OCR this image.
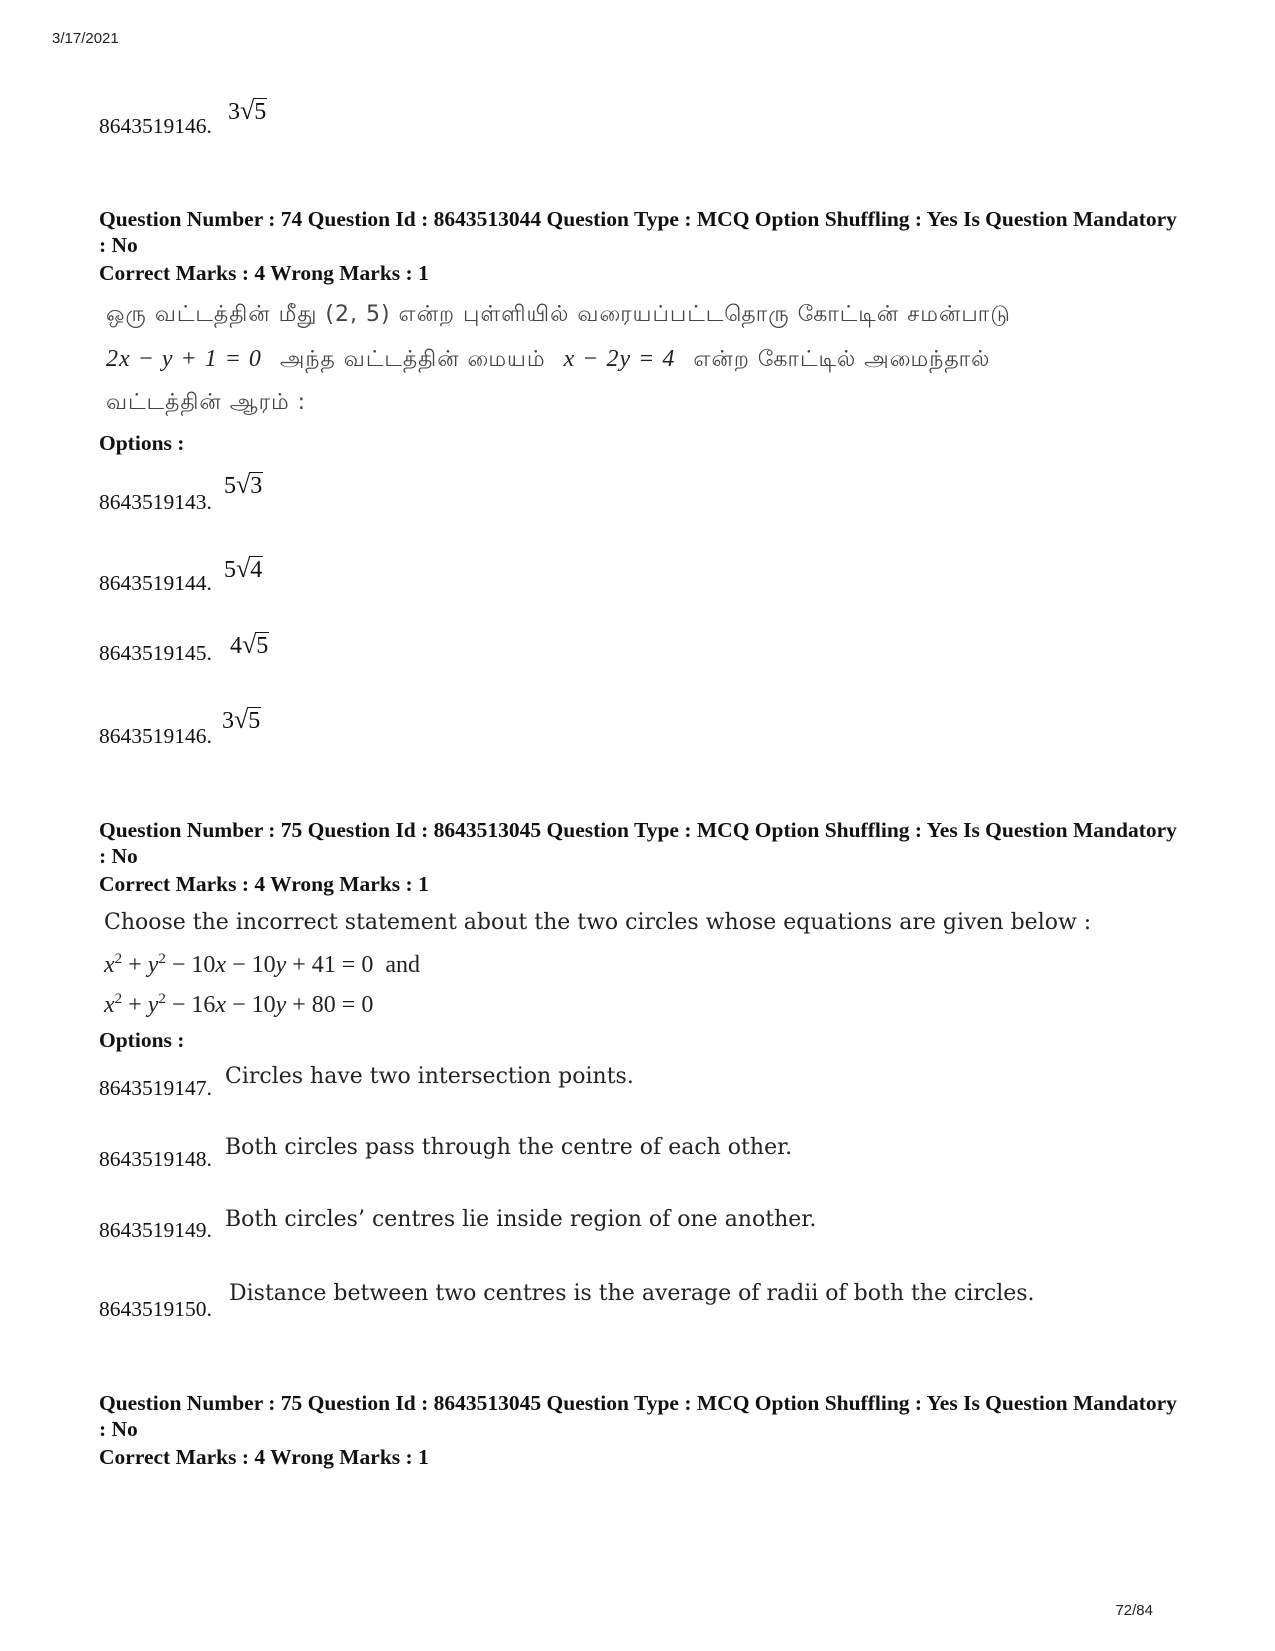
3/17/2021
8643519146.
3√5
Question Number : 74 Question Id : 8643513044 Question Type : MCQ Option Shuffling : Yes Is Question Mandatory : No
Correct Marks : 4 Wrong Marks : 1
ஒரு வட்டத்தின் மீது (2, 5) என்ற புள்ளியில் வரையப்பட்டதொரு கோட்டின் சமன்பாடு
2x − y + 1 = 0 அந்த வட்டத்தின் மையம் x − 2y = 4 என்ற கோட்டில் அமைந்தால்
வட்டத்தின் ஆரம் :
Options :
8643519143.
5√3
8643519144. 5√4
8643519145. 4√5
8643519146.
3√5
Question Number : 75 Question Id : 8643513045 Question Type : MCQ Option Shuffling : Yes Is Question Mandatory : No
Correct Marks : 4 Wrong Marks : 1
Choose the incorrect statement about the two circles whose equations are given below :
$x^2 + y^2 - 10x - 10y + 41 = 0$  and
$x^2 + y^2 - 16x - 10y + 80 = 0$
Options :
8643519147. Circles have two intersection points.
8643519148. Both circles pass through the centre of each other.
8643519149. Both circles’ centres lie inside region of one another.
8643519150.
Distance between two centres is the average of radii of both the circles.
Question Number : 75 Question Id : 8643513045 Question Type : MCQ Option Shuffling : Yes Is Question Mandatory : No
Correct Marks : 4 Wrong Marks : 1
72/84
